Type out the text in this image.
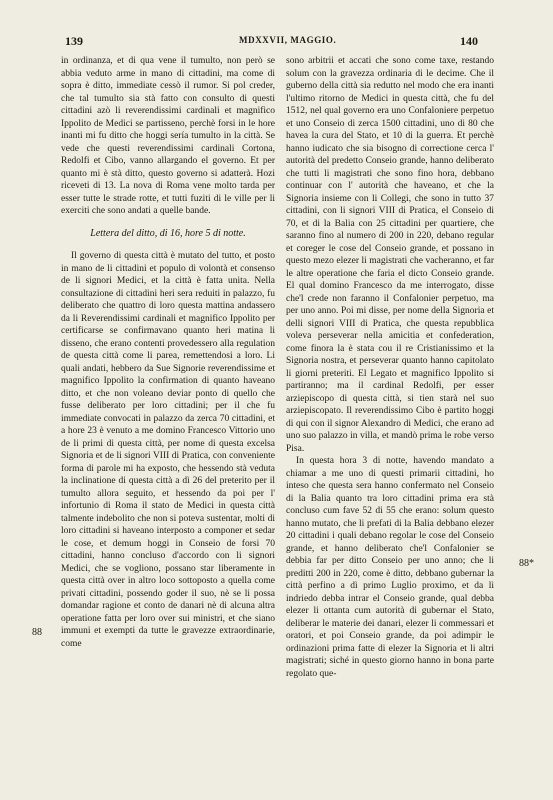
139	MDXXVII, MAGGIO.	140

in ordinanza, et di qua vene il tumulto, non però se abbia veduto arme in mano di cittadini, ma come di sopra è ditto, immediate cessò il rumor. Si pol creder, che tal tumulto sia stà fatto con consulto di questi cittadini azò li reverendissimi cardinali et magnifico Ippolito de Medici se partisseno, perchè forsi in le hore inanti mi fu ditto che hoggi sería tumulto in la città. Se vede che questi reverendissimi cardinali Cortona, Redolfi et Cibo, vanno allargando el governo. Et per quanto mi è stà ditto, questo governo si adatterà. Hozi riceveti di 13. La nova di Roma vene molto tarda per esser tutte le strade rotte, et tutti fuziti di le ville per li exerciti che sono andati a quelle bande.

Lettera del ditto, di 16, hore 5 di notte.

Il governo di questa città è mutato del tutto, et posto in mano de li cittadini et populo di volontà et consenso de li signori Medici, et la città è fatta unita. Nella consultazione di cittadini heri sera reduiti in palazzo, fu deliberato che quattro di loro questa mattina andassero da li Reverendissimi cardinali et magnifico Ippolito per certificarse se confirmavano quanto heri matina li disseno, che erano contenti provedessero alla regulation de questa città come li parea, remettendosi a loro. Li quali andati, hebbero da Sue Signorie reverendissime et magnifico Ippolito la confirmation di quanto haveano ditto, et che non voleano deviar ponto di quello che fusse deliberato per loro cittadini; per il che fu immediate convocati in palazzo da zerca 70 cittadini, et a hore 23 è venuto a me domino Francesco Vittorio uno de li primi di questa città, per nome di questa excelsa Signoria et de li signori VIII di Pratica, con conveniente forma di parole mi ha exposto, che hessendo stà veduta la inclinatione di questa città a dì 26 del preterito per il tumulto allora seguito, et hessendo da poi per l' infortunio di Roma il stato de Medici in questa città talmente indebolito che non si poteva sustentar, molti di loro cittadini si haveano interposto a componer et sedar le cose, et demum hoggi in Conseio de forsi 70 cittadini, hanno concluso d'accordo con li signori Medici, che se vogliono, possano star liberamente in questa città over in altro loco sottoposto a quella come privati cittadini, possendo goder il suo, nè se li possa domandar ragione et conto de danari nè di alcuna altra operatione fatta per loro over sui ministri, et che siano immuni et exempti da tutte le gravezze extraordinarie, come

sono arbitrii et accati che sono come taxe, restando solum con la gravezza ordinaria di le decime. Che il guberno della città sia redutto nel modo che era inanti l'ultimo ritorno de Medici in questa città, che fu del 1512, nel qual governo era uno Confaloniere perpetuo et uno Conseio di zerca 1500 cittadini, uno di 80 che havea la cura del Stato, et 10 di la guerra. Et perchè hanno iudicato che sia bisogno di correctione cerca l' autorità del predetto Conseio grande, hanno deliberato che tutti li magistrati che sono fino hora, debbano continuar con l' autorità che haveano, et che la Signoria insieme con li Collegi, che sono in tutto 37 cittadini, con li signori VIII di Pratica, el Conseio di 70, et di la Balia con 25 cittadini per quartiere, che saranno fino al numero di 200 in 220, debano regular et coreger le cose del Conseio grande, et possano in questo mezo elezer li magistrati che vacheranno, et far le altre operatione che faria el dicto Conseio grande. El qual domino Francesco da me interrogato, disse che'l crede non faranno il Confalonier perpetuo, ma per uno anno. Poi mi disse, per nome della Signoria et delli signori VIII di Pratica, che questa repubblica voleva perseverar nella amicitia et confederation, come finora la è stata cou il re Cristianissimo et la Signoria nostra, et perseverar quanto hanno capitolato li giorni preteriti. El Legato et magnifico Ippolito si partiranno; ma il cardinal Redolfi, per esser arziepiscopo di questa città, si tien starà nel suo arziepiscopato. Il reverendissimo Cibo è partito hoggi di qui con il signor Alexandro di Medici, che erano ad uno suo palazzo in villa, et mandò prima le robe verso Pisa.

In questa hora 3 di notte, havendo mandato a chiamar a me uno di questi primarii cittadini, ho inteso che questa sera hanno confermato nel Conseio di la Balia quanto tra loro cittadini prima era stà concluso cum fave 52 di 55 che erano: solum questo hanno mutato, che li prefati di la Balia debbano elezer 20 cittadini i quali debano regolar le cose del Conseio grande, et hanno deliberato che'l Confalonier se debbia far per ditto Conseio per uno anno; che li preditti 200 in 220, come è ditto, debbano gubernar la città perfino a dì primo Luglio proximo, et da lì indriedo debba intrar el Conseio grande, qual debba elezer li ottanta cum autorità di gubernar el Stato, deliberar le materie dei danari, elezer li commessari et oratori, et poi Conseio grande, da poi adimpir le ordinazioni prima fatte di elezer la Signoria et li altri magistrati; siché in questo giorno hanno in bona parte regolato que-

88
88*
